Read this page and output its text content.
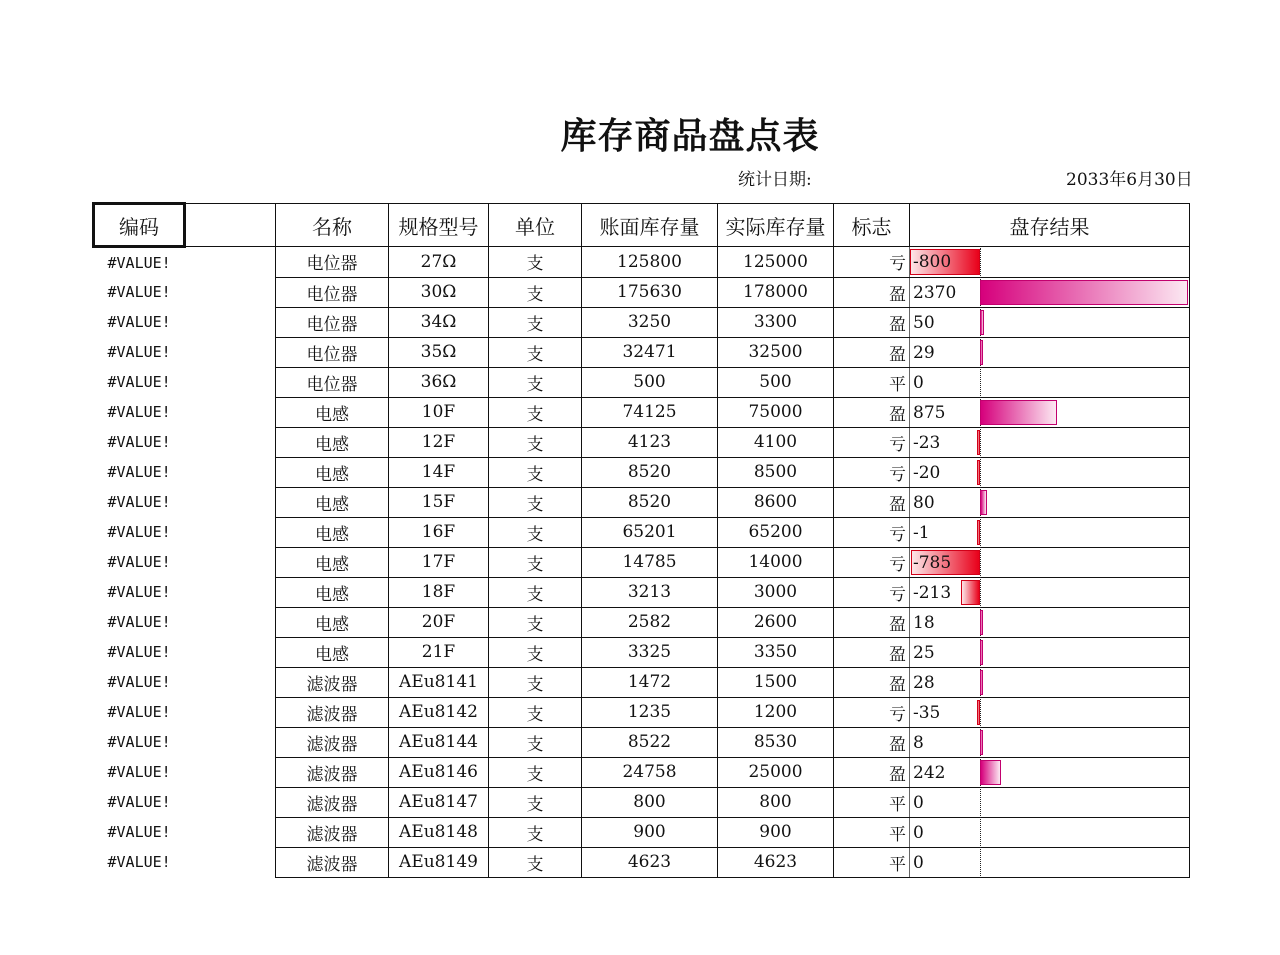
库存商品盘点表
统计日期:	2033年6月30日
编码		名称	规格型号	单位	账面库存量	实际库存量	标志	盘存结果
#VALUE!		电位器	27Ω	支	125800	125000	亏	-800

#VALUE!		电位器	30Ω	支	175630	178000	盈	2370

#VALUE!		电位器	34Ω	支	3250	3300	盈	50

#VALUE!		电位器	35Ω	支	32471	32500	盈	29

#VALUE!		电位器	36Ω	支	500	500	平	0

#VALUE!		电感	10F	支	74125	75000	盈	875

#VALUE!		电感	12F	支	4123	4100	亏	-23

#VALUE!		电感	14F	支	8520	8500	亏	-20

#VALUE!		电感	15F	支	8520	8600	盈	80

#VALUE!		电感	16F	支	65201	65200	亏	-1

#VALUE!		电感	17F	支	14785	14000	亏	-785

#VALUE!		电感	18F	支	3213	3000	亏	-213

#VALUE!		电感	20F	支	2582	2600	盈	18

#VALUE!		电感	21F	支	3325	3350	盈	25

#VALUE!		滤波器	AEu8141	支	1472	1500	盈	28

#VALUE!		滤波器	AEu8142	支	1235	1200	亏	-35

#VALUE!		滤波器	AEu8144	支	8522	8530	盈	8

#VALUE!		滤波器	AEu8146	支	24758	25000	盈	242

#VALUE!		滤波器	AEu8147	支	800	800	平	0

#VALUE!		滤波器	AEu8148	支	900	900	平	0

#VALUE!		滤波器	AEu8149	支	4623	4623	平	0
